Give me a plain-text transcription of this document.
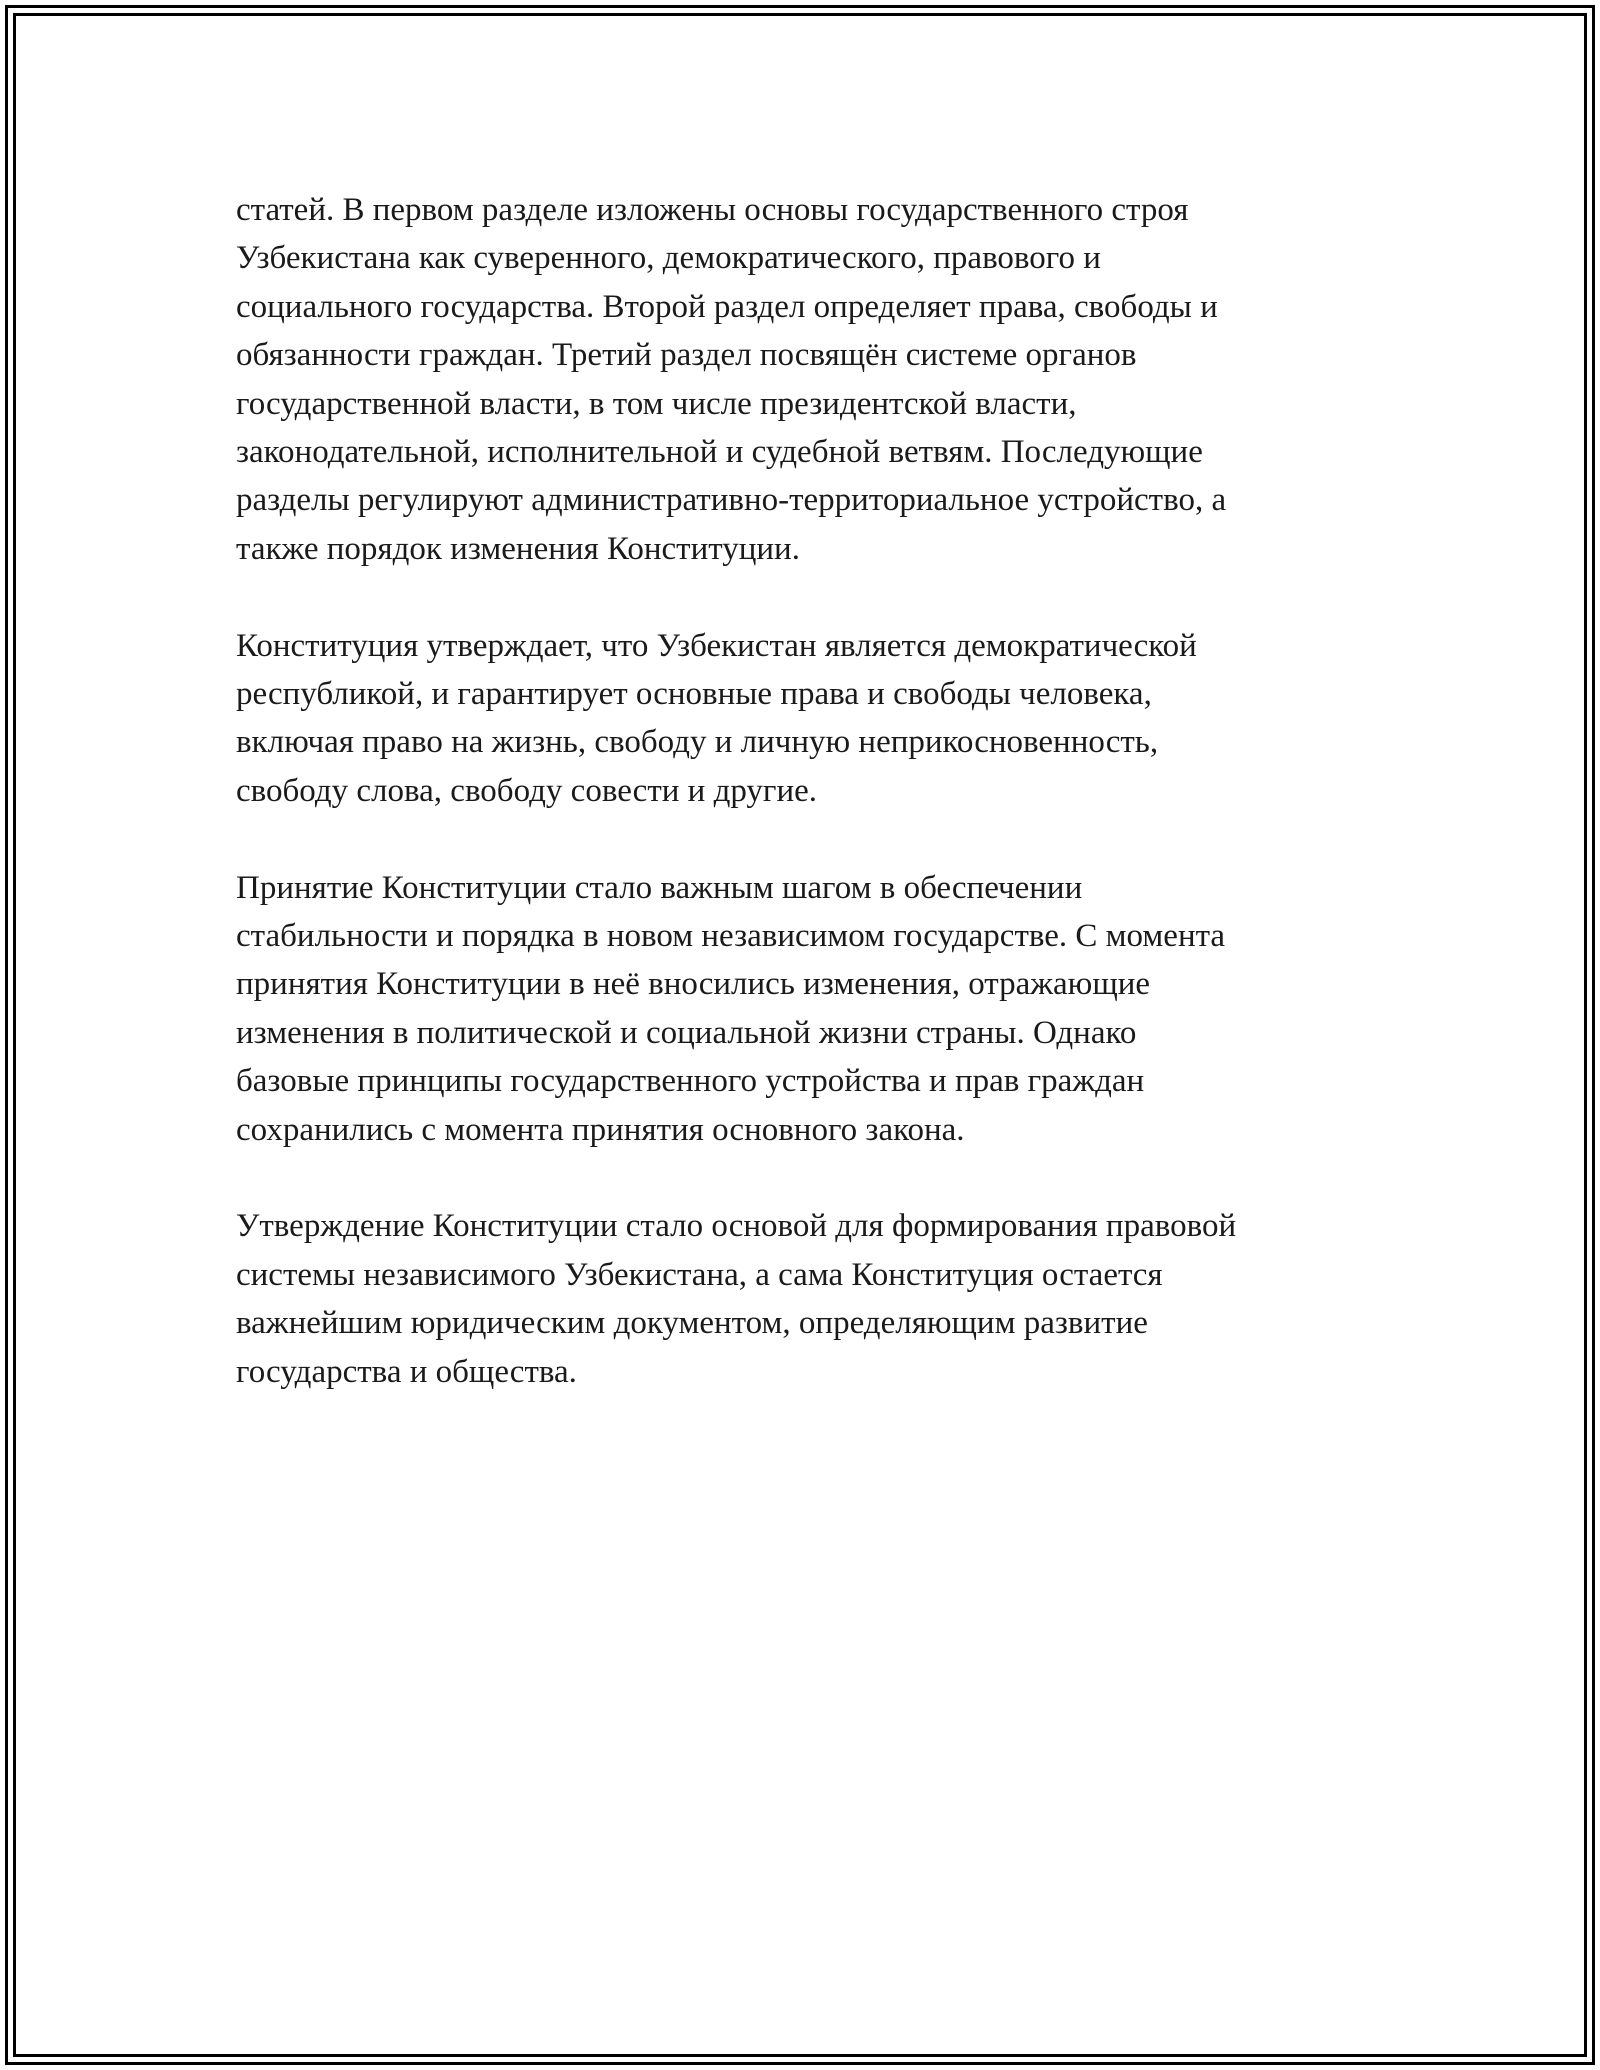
статей. В первом разделе изложены основы государственного строя
Узбекистана как суверенного, демократического, правового и
социального государства. Второй раздел определяет права, свободы и
обязанности граждан. Третий раздел посвящён системе органов
государственной власти, в том числе президентской власти,
законодательной, исполнительной и судебной ветвям. Последующие
разделы регулируют административно-территориальное устройство, а
также порядок изменения Конституции.

Конституция утверждает, что Узбекистан является демократической
республикой, и гарантирует основные права и свободы человека,
включая право на жизнь, свободу и личную неприкосновенность,
свободу слова, свободу совести и другие.

Принятие Конституции стало важным шагом в обеспечении
стабильности и порядка в новом независимом государстве. С момента
принятия Конституции в неё вносились изменения, отражающие
изменения в политической и социальной жизни страны. Однако
базовые принципы государственного устройства и прав граждан
сохранились с момента принятия основного закона.

Утверждение Конституции стало основой для формирования правовой
системы независимого Узбекистана, а сама Конституция остается
важнейшим юридическим документом, определяющим развитие
государства и общества.
